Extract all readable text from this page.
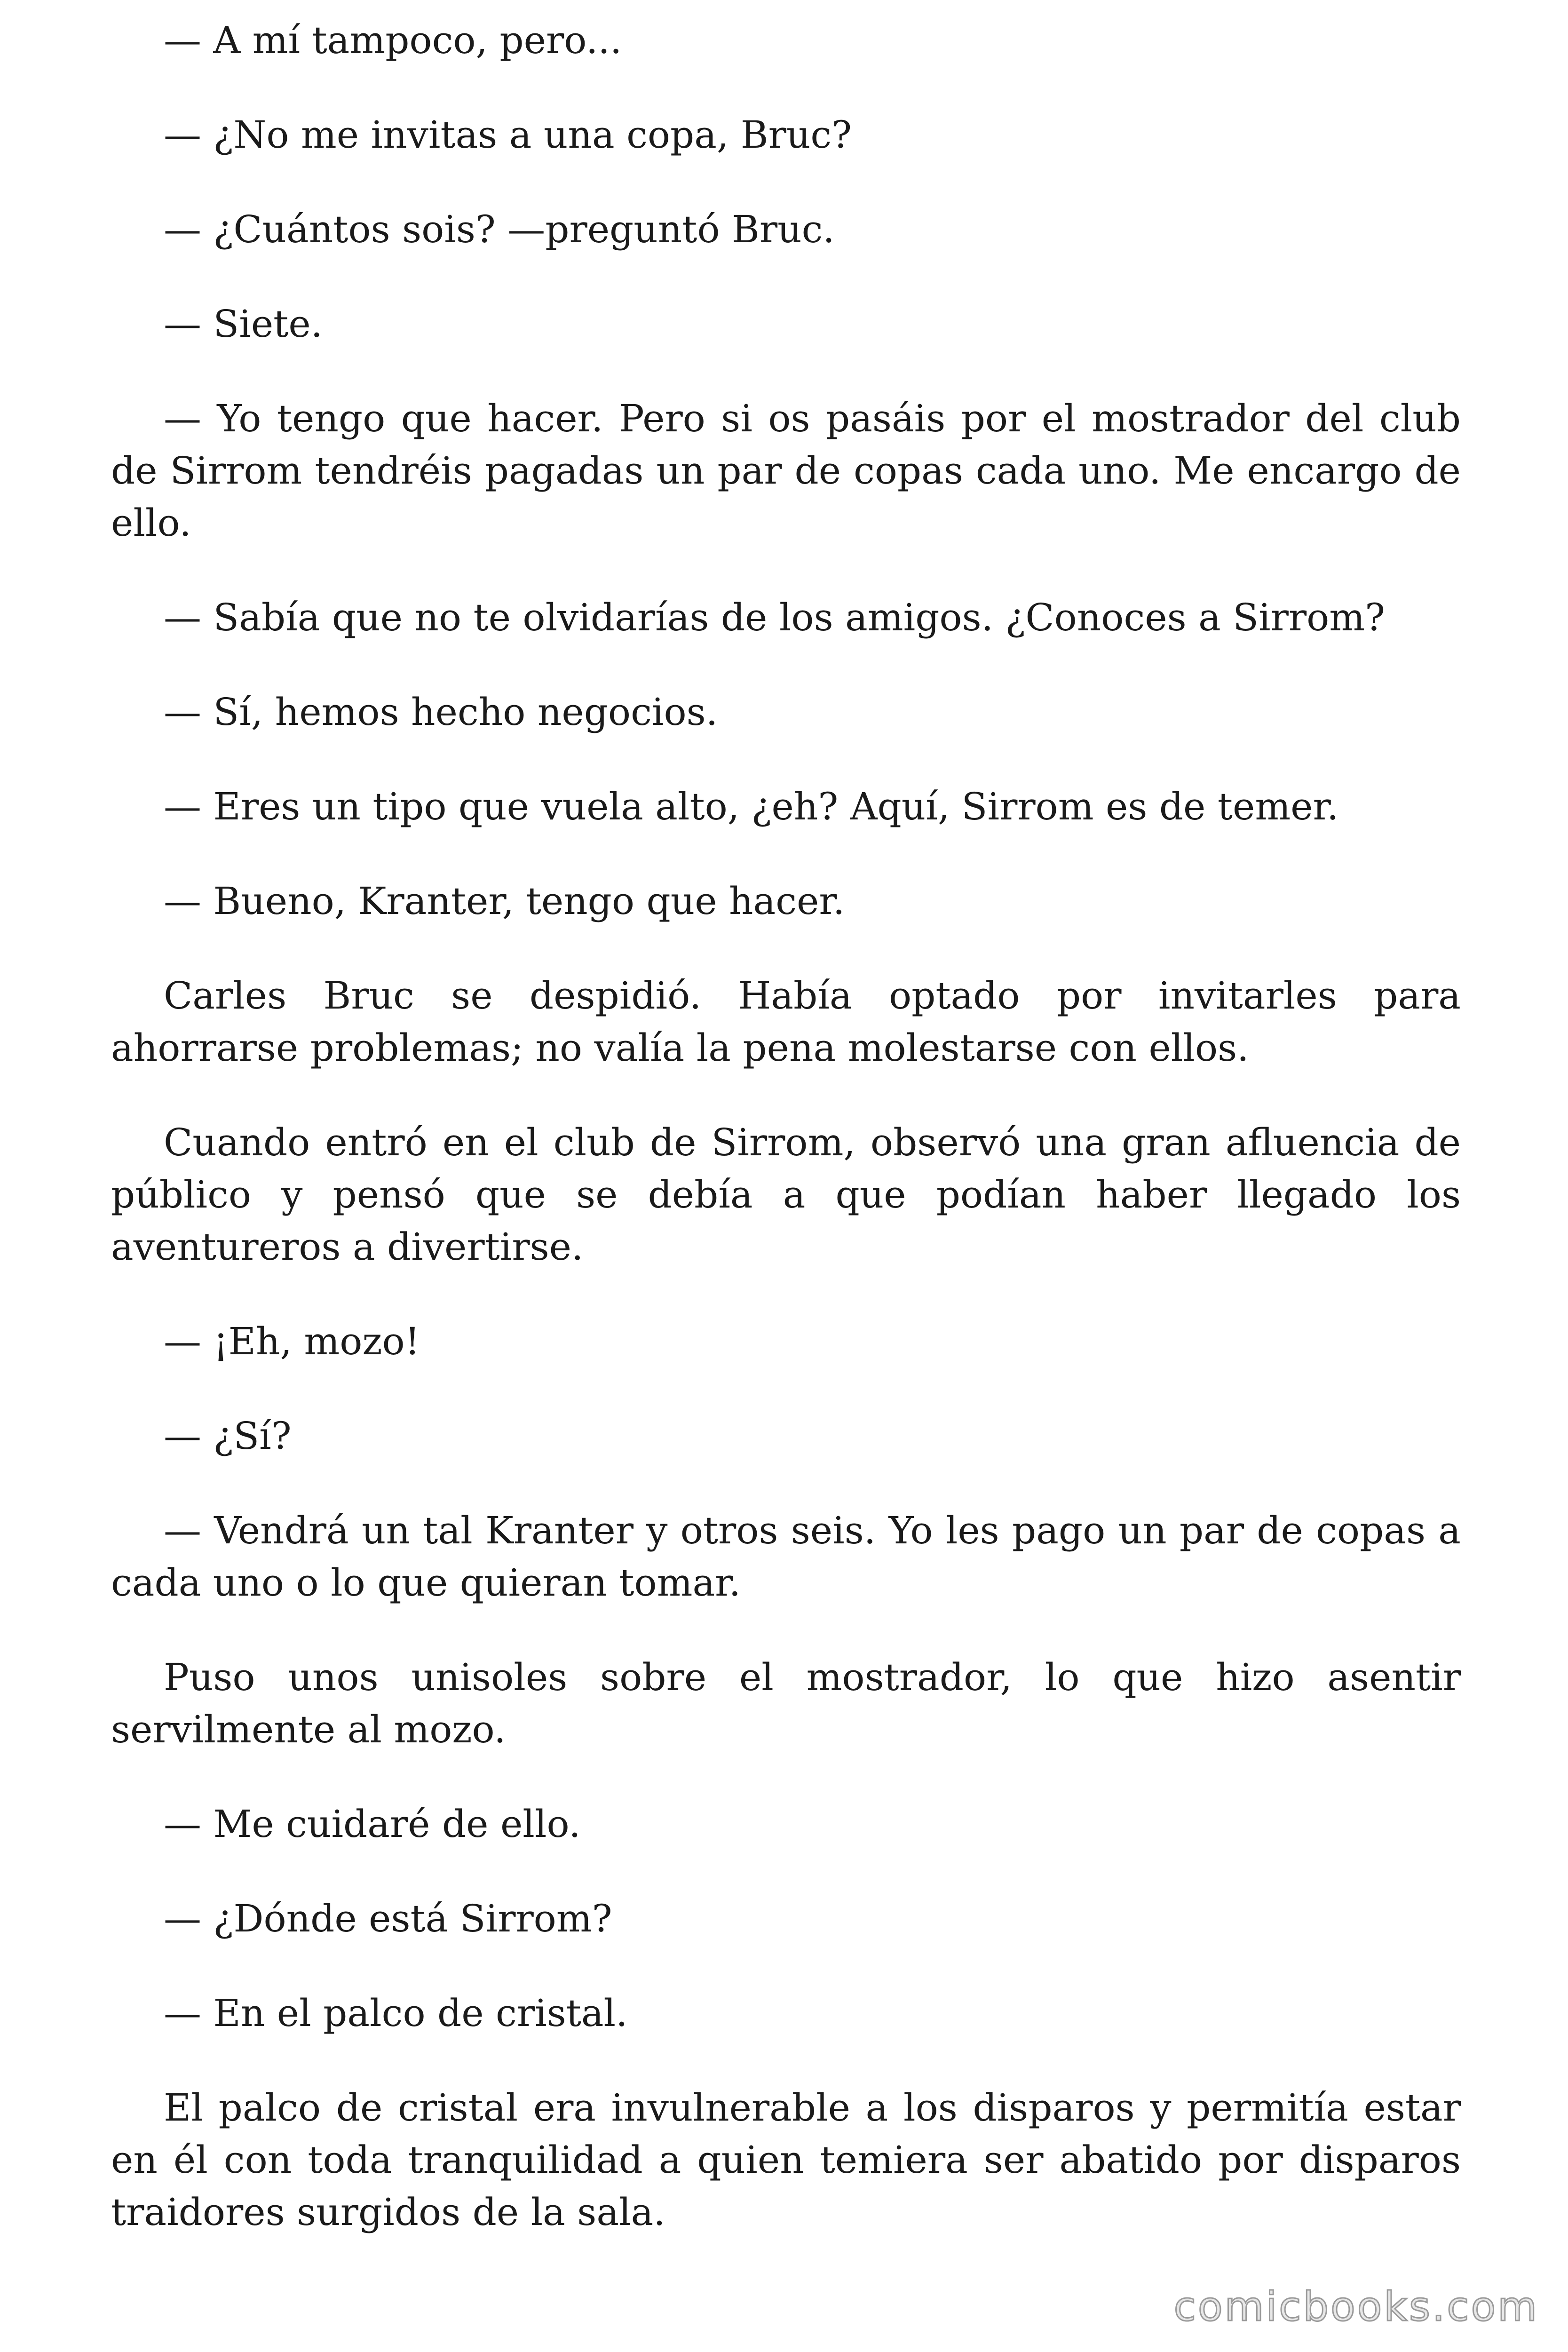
— A mí tampoco, pero...

— ¿No me invitas a una copa, Bruc?

— ¿Cuántos sois? —preguntó Bruc.

— Siete.

— Yo tengo que hacer. Pero si os pasáis por el mostrador del club de Sirrom tendréis pagadas un par de copas cada uno. Me encargo de ello.

— Sabía que no te olvidarías de los amigos. ¿Conoces a Sirrom?

— Sí, hemos hecho negocios.

— Eres un tipo que vuela alto, ¿eh? Aquí, Sirrom es de temer.

— Bueno, Kranter, tengo que hacer.

Carles Bruc se despidió. Había optado por invitarles para ahorrarse problemas; no valía la pena molestarse con ellos.

Cuando entró en el club de Sirrom, observó una gran afluencia de público y pensó que se debía a que podían haber llegado los aventureros a divertirse.

— ¡Eh, mozo!

— ¿Sí?

— Vendrá un tal Kranter y otros seis. Yo les pago un par de copas a cada uno o lo que quieran tomar.

Puso unos unisoles sobre el mostrador, lo que hizo asentir servilmente al mozo.

— Me cuidaré de ello.

— ¿Dónde está Sirrom?

— En el palco de cristal.

El palco de cristal era invulnerable a los disparos y permitía estar en él con toda tranquilidad a quien temiera ser abatido por disparos traidores surgidos de la sala.

comicbooks.com
